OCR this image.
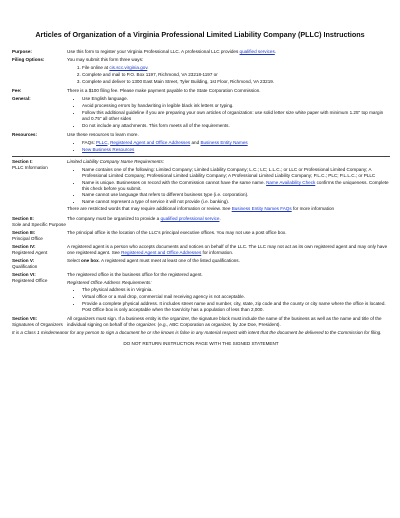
Articles of Organization of a Virginia Professional Limited Liability Company (PLLC) Instructions
Purpose:	Use this form to register your Virginia Professional LLC. A professional LLC provides qualified services.
Filing Options:	You may submit this form three ways:

1. File online at cis.scc.virginia.gov.
2. Complete and mail to P.O. Box 1197, Richmond, VA 23218-1197 or
3. Complete and deliver to 1300 East Main Street, Tyler Building, 1st Floor, Richmond, VA 23219.
Fee:	There is a $100 filing fee. Please make payment payable to the State Corporation Commission.
General:
•	Use English language.
• Avoid processing errors by handwriting in legible black ink letters or typing.
• Follow this additional guideline if you are preparing your own articles of organization: use solid letter size white paper with minimum 1.25" top margin and 0.75" all other sides
• Do not include any attachments. This form meets all of the requirements.
Resources:	Use these resources to learn more.

• FAQs: PLLC, Registered Agent and Office Addresses and Business Entity Names
• New Business Resources
Section I:
PLLC Information

Limited Liability Company Name Requirements:

• Name contains one of the following: Limited Company; Limited Liability Company; L.C.; LC; L.L.C.; or LLC or Professional Limited Company; A Professional Limited Company; Professional Limited Liability Company; A Professional Limited Liability Company; P.L.C.; PLC; P.L.L.C.; or PLLC
• Name is unique. Businesses on record with the Commission cannot have the same name. Name Availability Check confirms the uniqueness. Complete this check before you submit.
• Name cannot use language that refers to different business type (i.e. corporation).
• Name cannot represent a type of service it will not provide (i.e. banking).

There are restricted words that may require additional information or review. See Business Entity Names FAQs for more information

Section II:
Sole and Specific Purpose
The company must be organized to provide a qualified professional service.
Section III:
Principal Office
The principal office is the location of the LLC's principal executive offices. You may not use a post office box.
Section IV:
Registered Agent
A registered agent is a person who accepts documents and notices on behalf of the LLC. The LLC may not act as its own registered agent and may only have one registered agent. See Registered Agent and Office Addresses for information.
Section V:
Qualification
Select one box. A registered agent must meet at least one of the listed qualifications.
Section VI:
Registered Office

The registered office is the business office for the registered agent.

Registered Office Address Requirements:

• The physical address is in Virginia.
• Virtual office or a mail drop, commercial mail receiving agency is not acceptable.
• Provide a complete physical address. It includes street name and number, city, state, zip code and the county or city name where the office is located. Post Office box is only acceptable when the town/city has a population of less than 2,000.
Section VII:
Signatures of Organizers
All organizers must sign. If a business entity is the organizer, the signature block must include the name of the business as well as the name and title of the individual signing on behalf of the organizer. (e.g., ABC Corporation as organizer, by Joe Doe, President).
It is a Class 1 misdemeanor for any person to sign a document he or she knows is false in any material respect with intent that the document be delivered to the Commission for filing.
DO NOT RETURN INSTRUCTION PAGE WITH THE SIGNED STATEMENT
